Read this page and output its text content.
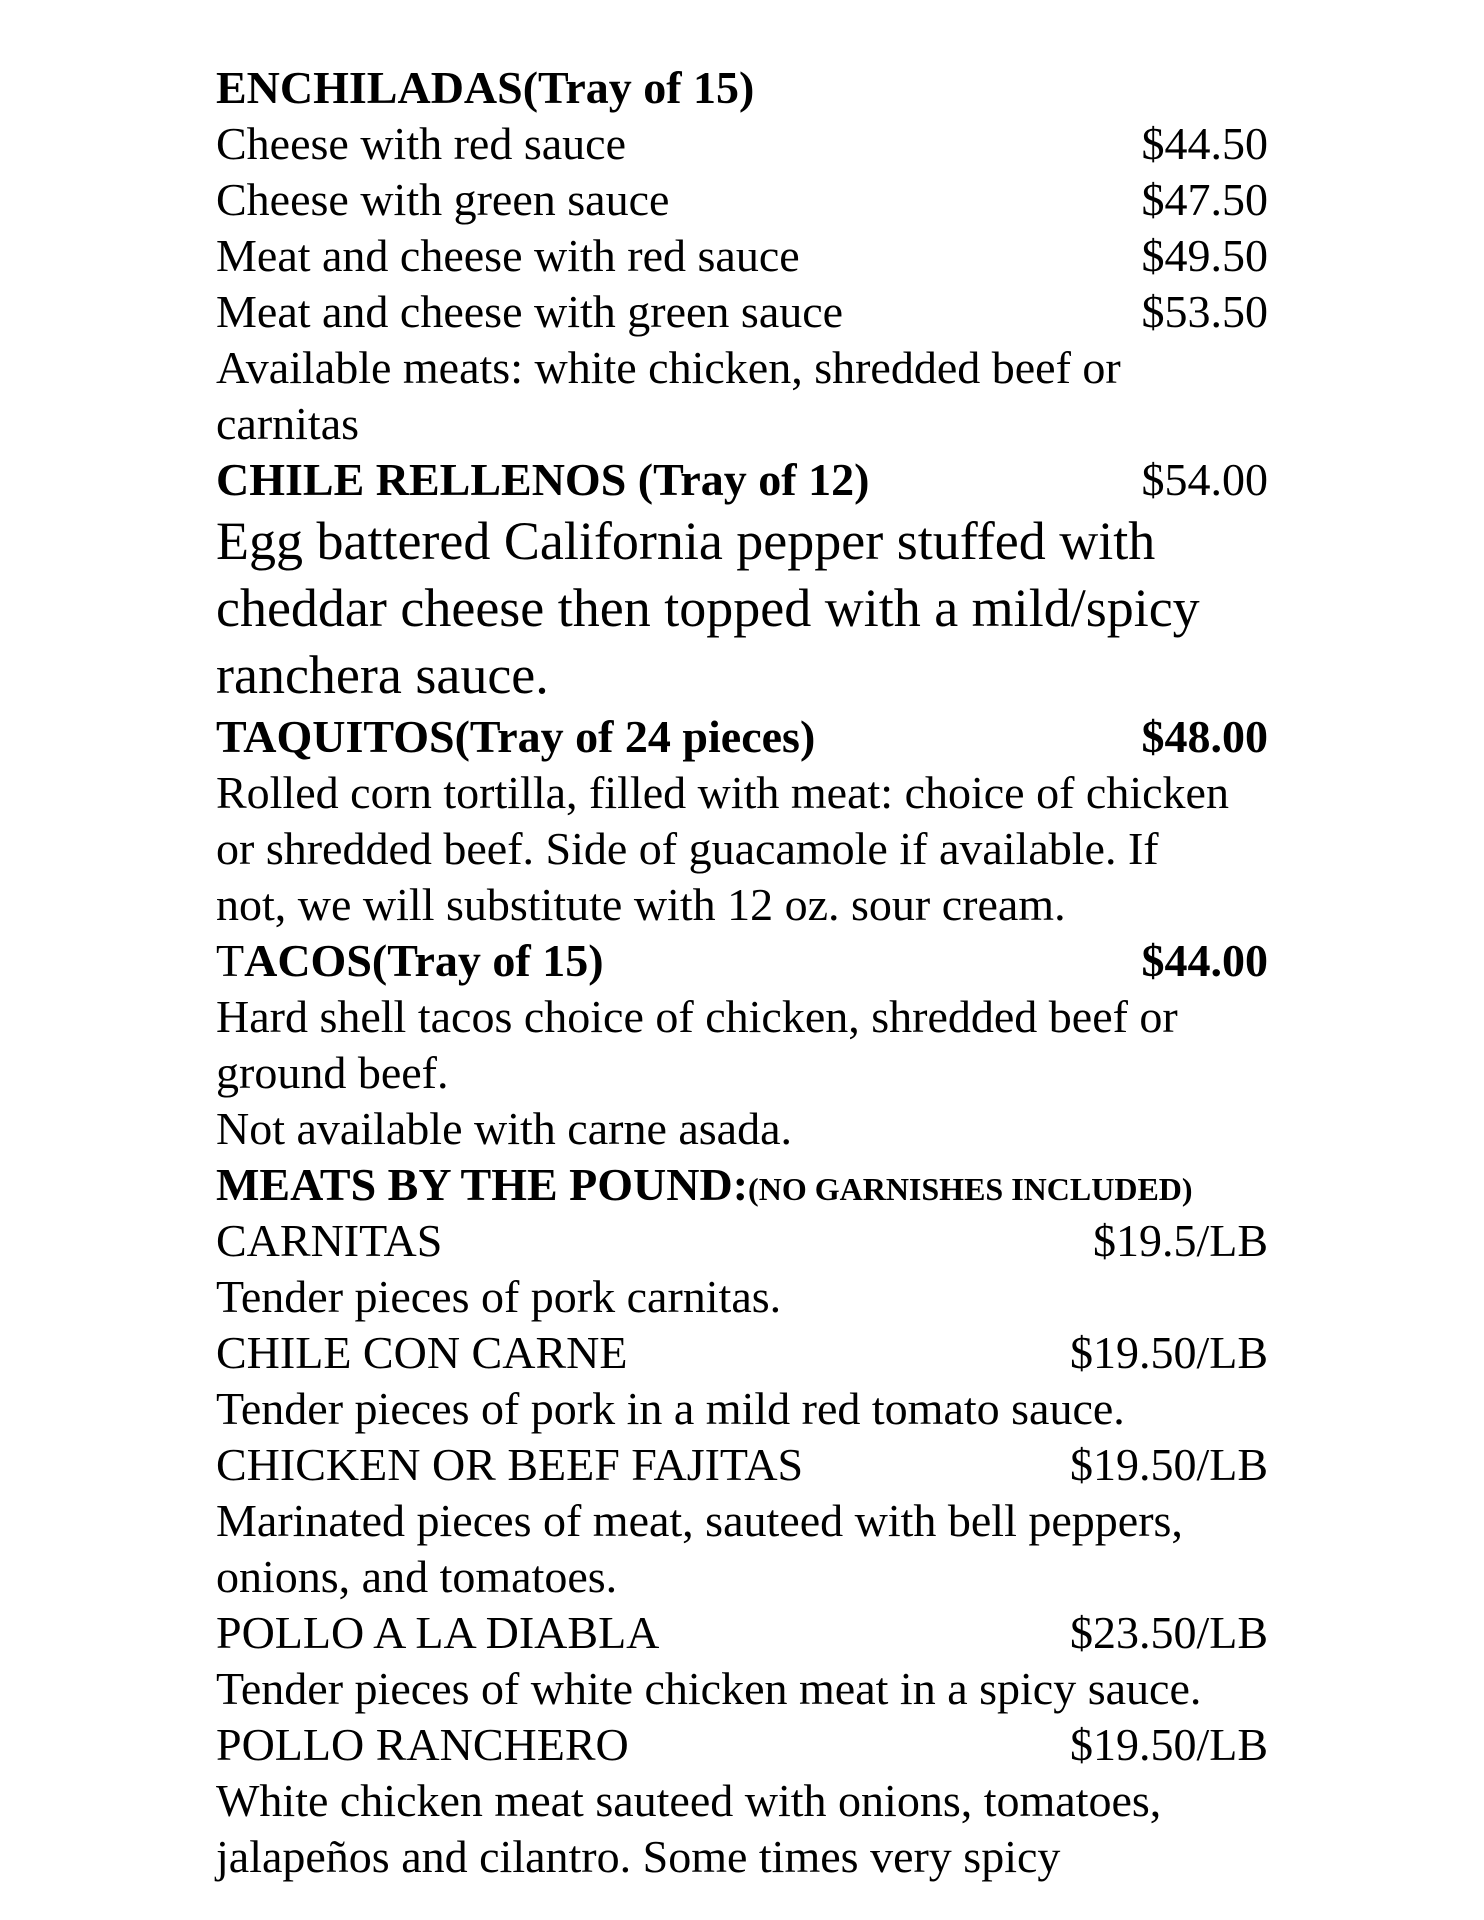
ENCHILADAS(Tray of 15)
Cheese with red sauce	$44.50
Cheese with green sauce	$47.50
Meat and cheese with red sauce	$49.50
Meat and cheese with green sauce	$53.50
Available meats: white chicken, shredded beef or
carnitas
CHILE RELLENOS (Tray of 12)	$54.00
Egg battered California pepper stuffed with
cheddar cheese then topped with a mild/spicy
ranchera sauce.
TAQUITOS(Tray of 24 pieces)	$48.00
Rolled corn tortilla, filled with meat: choice of chicken
or shredded beef. Side of guacamole if available. If
not, we will substitute with 12 oz. sour cream.
TACOS(Tray of 15)	$44.00
Hard shell tacos choice of chicken, shredded beef or
ground beef.
Not available with carne asada.
MEATS BY THE POUND:(NO GARNISHES INCLUDED)
CARNITAS	$19.5/LB
Tender pieces of pork carnitas.
CHILE CON CARNE	$19.50/LB
Tender pieces of pork in a mild red tomato sauce.
CHICKEN OR BEEF FAJITAS	$19.50/LB
Marinated pieces of meat, sauteed with bell peppers,
onions, and tomatoes.
POLLO A LA DIABLA	$23.50/LB
Tender pieces of white chicken meat in a spicy sauce.
POLLO RANCHERO	$19.50/LB
White chicken meat sauteed with onions, tomatoes,
jalapeños and cilantro. Some times very spicy
